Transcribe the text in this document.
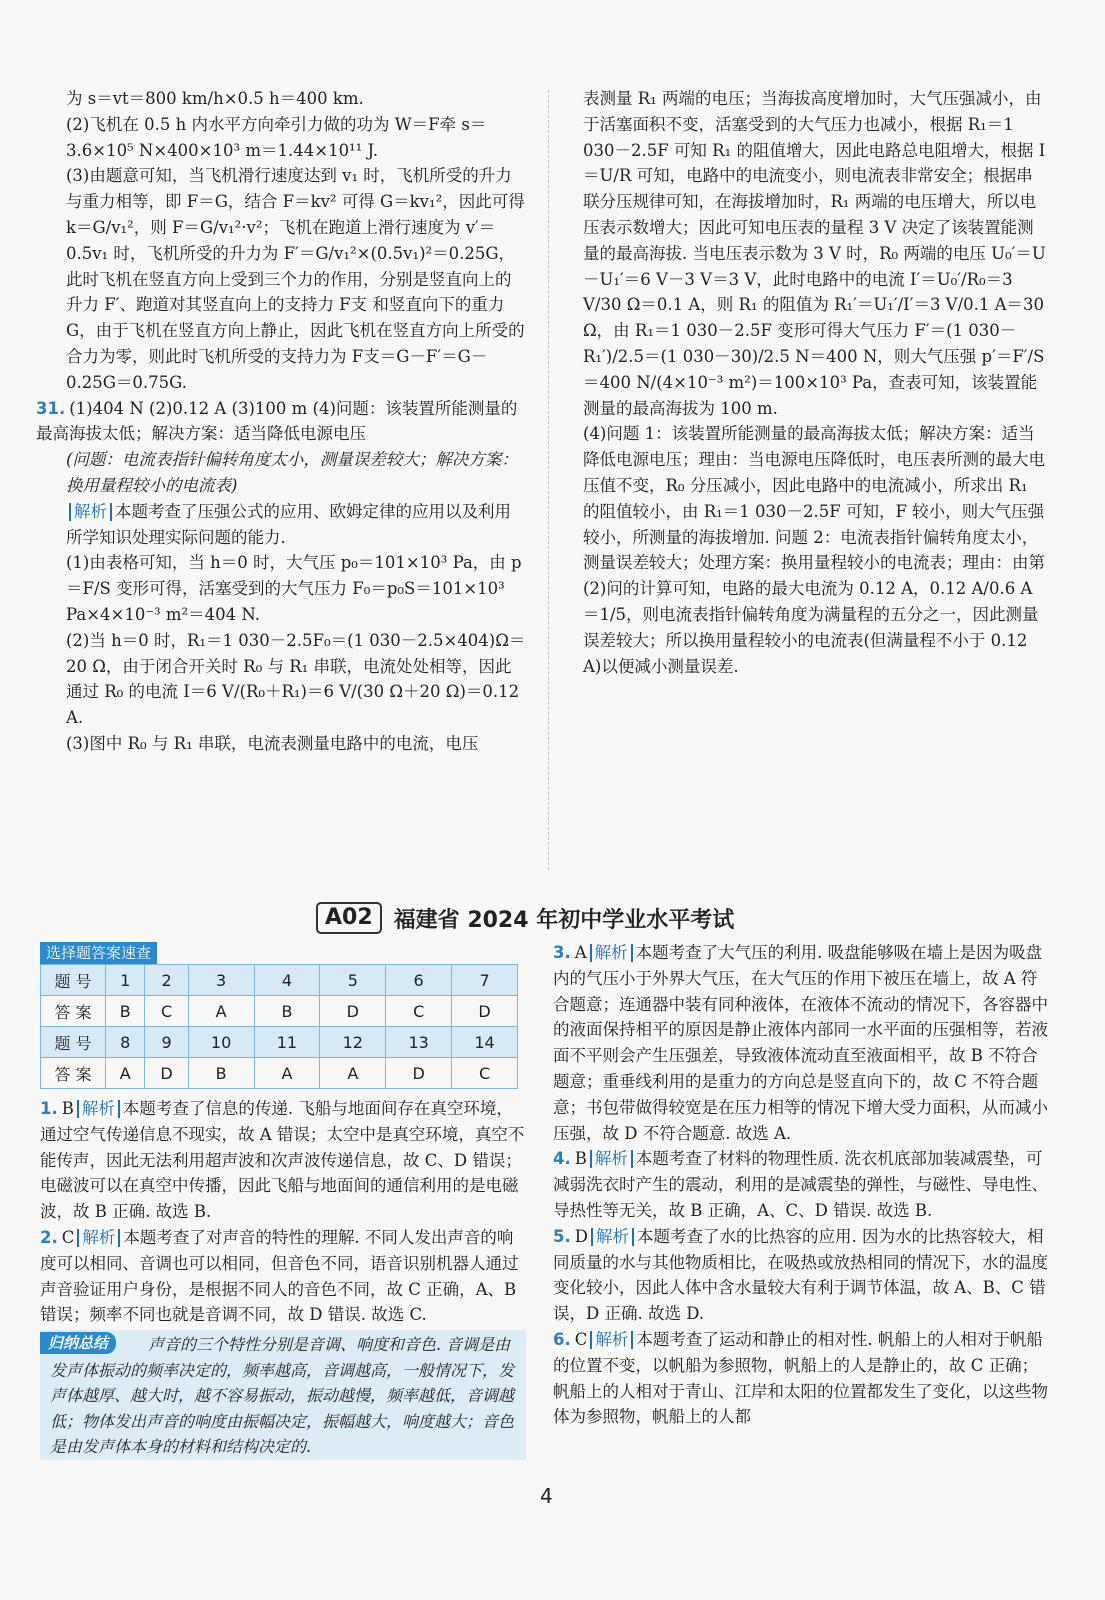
为 s＝vt＝800 km/h×0.5 h＝400 km.

(2)飞机在 0.5 h 内水平方向牵引力做的功为 W＝F牵 s＝3.6×10⁵ N×400×10³ m＝1.44×10¹¹ J.

(3)由题意可知，当飞机滑行速度达到 v₁ 时，飞机所受的升力与重力相等，即 F＝G，结合 F＝kv² 可得 G＝kv₁²，因此可得 k＝G/v₁²，则 F＝G/v₁²·v²；飞机在跑道上滑行速度为 v′＝0.5v₁ 时，飞机所受的升力为 F′＝G/v₁²×(0.5v₁)²＝0.25G，此时飞机在竖直方向上受到三个力的作用，分别是竖直向上的升力 F′、跑道对其竖直向上的支持力 F支 和竖直向下的重力 G，由于飞机在竖直方向上静止，因此飞机在竖直方向上所受的合力为零，则此时飞机所受的支持力为 F支＝G－F′＝G－0.25G＝0.75G.

31. (1)404 N (2)0.12 A (3)100 m (4)问题：该装置所能测量的最高海拔太低；解决方案：适当降低电源电压

(问题：电流表指针偏转角度太小，测量误差较大；解决方案：换用量程较小的电流表)

解析 本题考查了压强公式的应用、欧姆定律的应用以及利用所学知识处理实际问题的能力.

(1)由表格可知，当 h＝0 时，大气压 p₀＝101×10³ Pa，由 p＝F/S 变形可得，活塞受到的大气压力 F₀＝p₀S＝101×10³ Pa×4×10⁻³ m²＝404 N.

(2)当 h＝0 时，R₁＝1 030－2.5F₀＝(1 030－2.5×404)Ω＝20 Ω，由于闭合开关时 R₀ 与 R₁ 串联，电流处处相等，因此通过 R₀ 的电流 I＝6 V/(R₀＋R₁)＝6 V/(30 Ω＋20 Ω)＝0.12 A.

(3)图中 R₀ 与 R₁ 串联，电流表测量电路中的电流，电压

表测量 R₁ 两端的电压；当海拔高度增加时，大气压强减小，由于活塞面积不变，活塞受到的大气压力也减小，根据 R₁＝1 030－2.5F 可知 R₁ 的阻值增大，因此电路总电阻增大，根据 I＝U/R 可知，电路中的电流变小，则电流表非常安全；根据串联分压规律可知，在海拔增加时，R₁ 两端的电压增大，所以电压表示数增大；因此可知电压表的量程 3 V 决定了该装置能测量的最高海拔. 当电压表示数为 3 V 时，R₀ 两端的电压 U₀′＝U－U₁′＝6 V－3 V＝3 V，此时电路中的电流 I′＝U₀′/R₀＝3 V/30 Ω＝0.1 A，则 R₁ 的阻值为 R₁′＝U₁′/I′＝3 V/0.1 A＝30 Ω，由 R₁＝1 030－2.5F 变形可得大气压力 F′＝(1 030－R₁′)/2.5＝(1 030－30)/2.5 N＝400 N，则大气压强 p′＝F′/S＝400 N/(4×10⁻³ m²)＝100×10³ Pa，查表可知，该装置能测量的最高海拔为 100 m.

(4)问题 1：该装置所能测量的最高海拔太低；解决方案：适当降低电源电压；理由：当电源电压降低时，电压表所测的最大电压值不变，R₀ 分压减小，因此电路中的电流减小，所求出 R₁ 的阻值较小，由 R₁＝1 030－2.5F 可知，F 较小，则大气压强较小，所测量的海拔增加. 问题 2：电流表指针偏转角度太小，测量误差较大；处理方案：换用量程较小的电流表；理由：由第(2)问的计算可知，电路的最大电流为 0.12 A，0.12 A/0.6 A＝1/5，则电流表指针偏转角度为满量程的五分之一，因此测量误差较大；所以换用量程较小的电流表(但满量程不小于 0.12 A)以便减小测量误差.

A02 福建省 2024 年初中学业水平考试
选择题答案速查
题 号	1	2	3	4	5	6	7
答 案	B	C	A	B	D	C	D
题 号	8	9	10	11	12	13	14
答 案	A	D	B	A	A	D	C

1. B 解析 本题考查了信息的传递. 飞船与地面间存在真空环境，通过空气传递信息不现实，故 A 错误；太空中是真空环境，真空不能传声，因此无法利用超声波和次声波传递信息，故 C、D 错误；电磁波可以在真空中传播，因此飞船与地面间的通信利用的是电磁波，故 B 正确. 故选 B.

2. C 解析 本题考查了对声音的特性的理解. 不同人发出声音的响度可以相同、音调也可以相同，但音色不同，语音识别机器人通过声音验证用户身份，是根据不同人的音色不同，故 C 正确，A、B 错误；频率不同也就是音调不同，故 D 错误. 故选 C.

声音的三个特性分别是音调、响度和音色. 音调是由发声体振动的频率决定的，频率越高，音调越高，一般情况下，发声体越厚、越大时，越不容易振动，振动越慢，频率越低，音调越低；物体发出声音的响度由振幅决定，振幅越大，响度越大；音色是由发声体本身的材料和结构决定的.
归纳总结

3. A 解析 本题考查了大气压的利用. 吸盘能够吸在墙上是因为吸盘内的气压小于外界大气压，在大气压的作用下被压在墙上，故 A 符合题意；连通器中装有同种液体，在液体不流动的情况下，各容器中的液面保持相平的原因是静止液体内部同一水平面的压强相等，若液面不平则会产生压强差，导致液体流动直至液面相平，故 B 不符合题意；重垂线利用的是重力的方向总是竖直向下的，故 C 不符合题意；书包带做得较宽是在压力相等的情况下增大受力面积，从而减小压强，故 D 不符合题意. 故选 A.

4. B 解析 本题考查了材料的物理性质. 洗衣机底部加装减震垫，可减弱洗衣时产生的震动，利用的是减震垫的弹性，与磁性、导电性、导热性等无关，故 B 正确，A、C、D 错误. 故选 B.

5. D 解析 本题考查了水的比热容的应用. 因为水的比热容较大，相同质量的水与其他物质相比，在吸热或放热相同的情况下，水的温度变化较小，因此人体中含水量较大有利于调节体温，故 A、B、C 错误，D 正确. 故选 D.

6. C 解析 本题考查了运动和静止的相对性. 帆船上的人相对于帆船的位置不变，以帆船为参照物，帆船上的人是静止的，故 C 正确；帆船上的人相对于青山、江岸和太阳的位置都发生了变化，以这些物体为参照物，帆船上的人都

4
